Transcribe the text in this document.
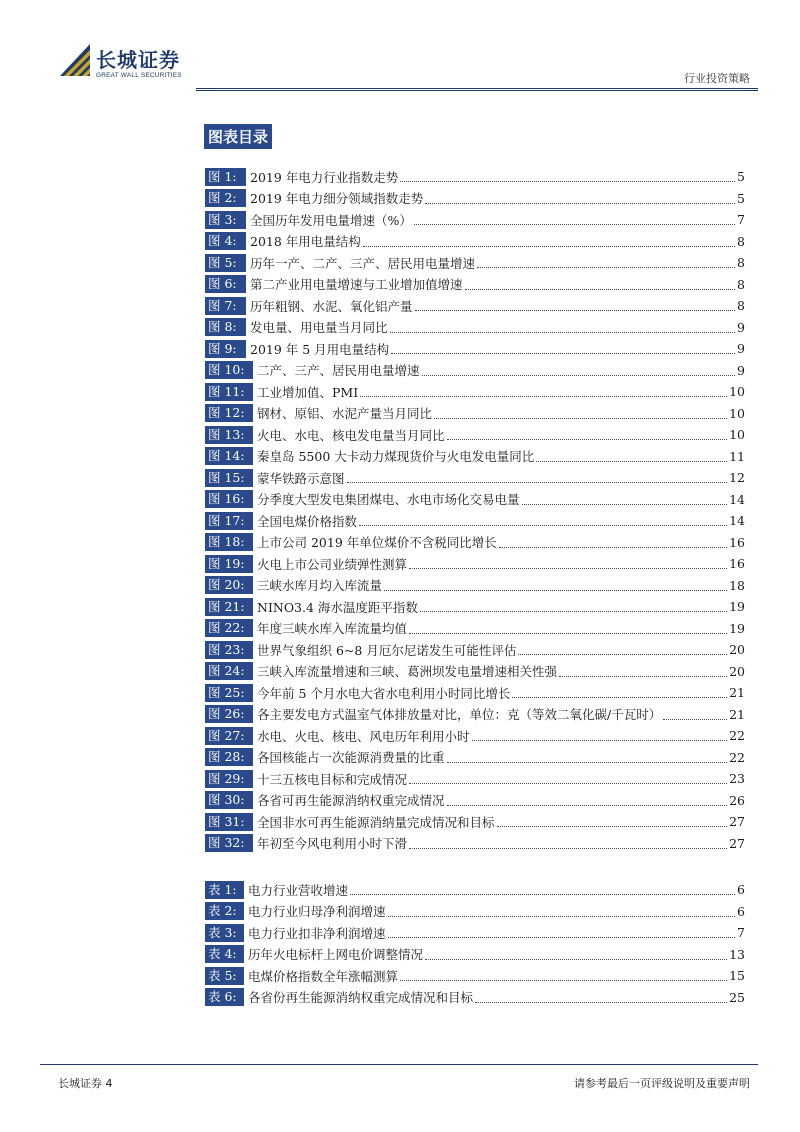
长城证券
GREAT WALL SECURITIES	行业投资策略
图表目录
图 1:	2019 年电力行业指数走势	5
图 2:	2019 年电力细分领域指数走势	5
图 3:	全国历年发用电量增速（%）	7
图 4:	2018 年用电量结构	8
图 5:	历年一产、二产、三产、居民用电量增速	8
图 6:	第二产业用电量增速与工业增加值增速	8
图 7:	历年粗钢、水泥、氧化铝产量	8
图 8:	发电量、用电量当月同比	9
图 9:	2019 年 5 月用电量结构	9
图 10: 二产、三产、居民用电量增速	9
图 11: 工业增加值、PMI	10
图 12: 钢材、原铝、水泥产量当月同比	10
图 13: 火电、水电、核电发电量当月同比	10
图 14: 秦皇岛 5500 大卡动力煤现货价与火电发电量同比	11
图 15: 蒙华铁路示意图	12
图 16: 分季度大型发电集团煤电、水电市场化交易电量	14
图 17: 全国电煤价格指数	14
图 18: 上市公司 2019 年单位煤价不含税同比增长	16
图 19: 火电上市公司业绩弹性测算	16
图 20: 三峡水库月均入库流量	18
图 21: NINO3.4 海水温度距平指数	19
图 22: 年度三峡水库入库流量均值	19
图 23: 世界气象组织 6~8 月厄尔尼诺发生可能性评估	20
图 24: 三峡入库流量增速和三峡、葛洲坝发电量增速相关性强	20
图 25: 今年前 5 个月水电大省水电利用小时同比增长	21
图 26: 各主要发电方式温室气体排放量对比，单位：克（等效二氧化碳/千瓦时）	21
图 27: 水电、火电、核电、风电历年利用小时	22
图 28: 各国核能占一次能源消费量的比重	22
图 29: 十三五核电目标和完成情况	23
图 30: 各省可再生能源消纳权重完成情况	26
图 31: 全国非水可再生能源消纳量完成情况和目标	27
图 32: 年初至今风电利用小时下滑	27
表 1: 电力行业营收增速	6
表 2: 电力行业归母净利润增速	6
表 3: 电力行业扣非净利润增速	7
表 4: 历年火电标杆上网电价调整情况	13
表 5: 电煤价格指数全年涨幅测算	15
表 6: 各省份再生能源消纳权重完成情况和目标	25
长城证券 4	请参考最后一页评级说明及重要声明
